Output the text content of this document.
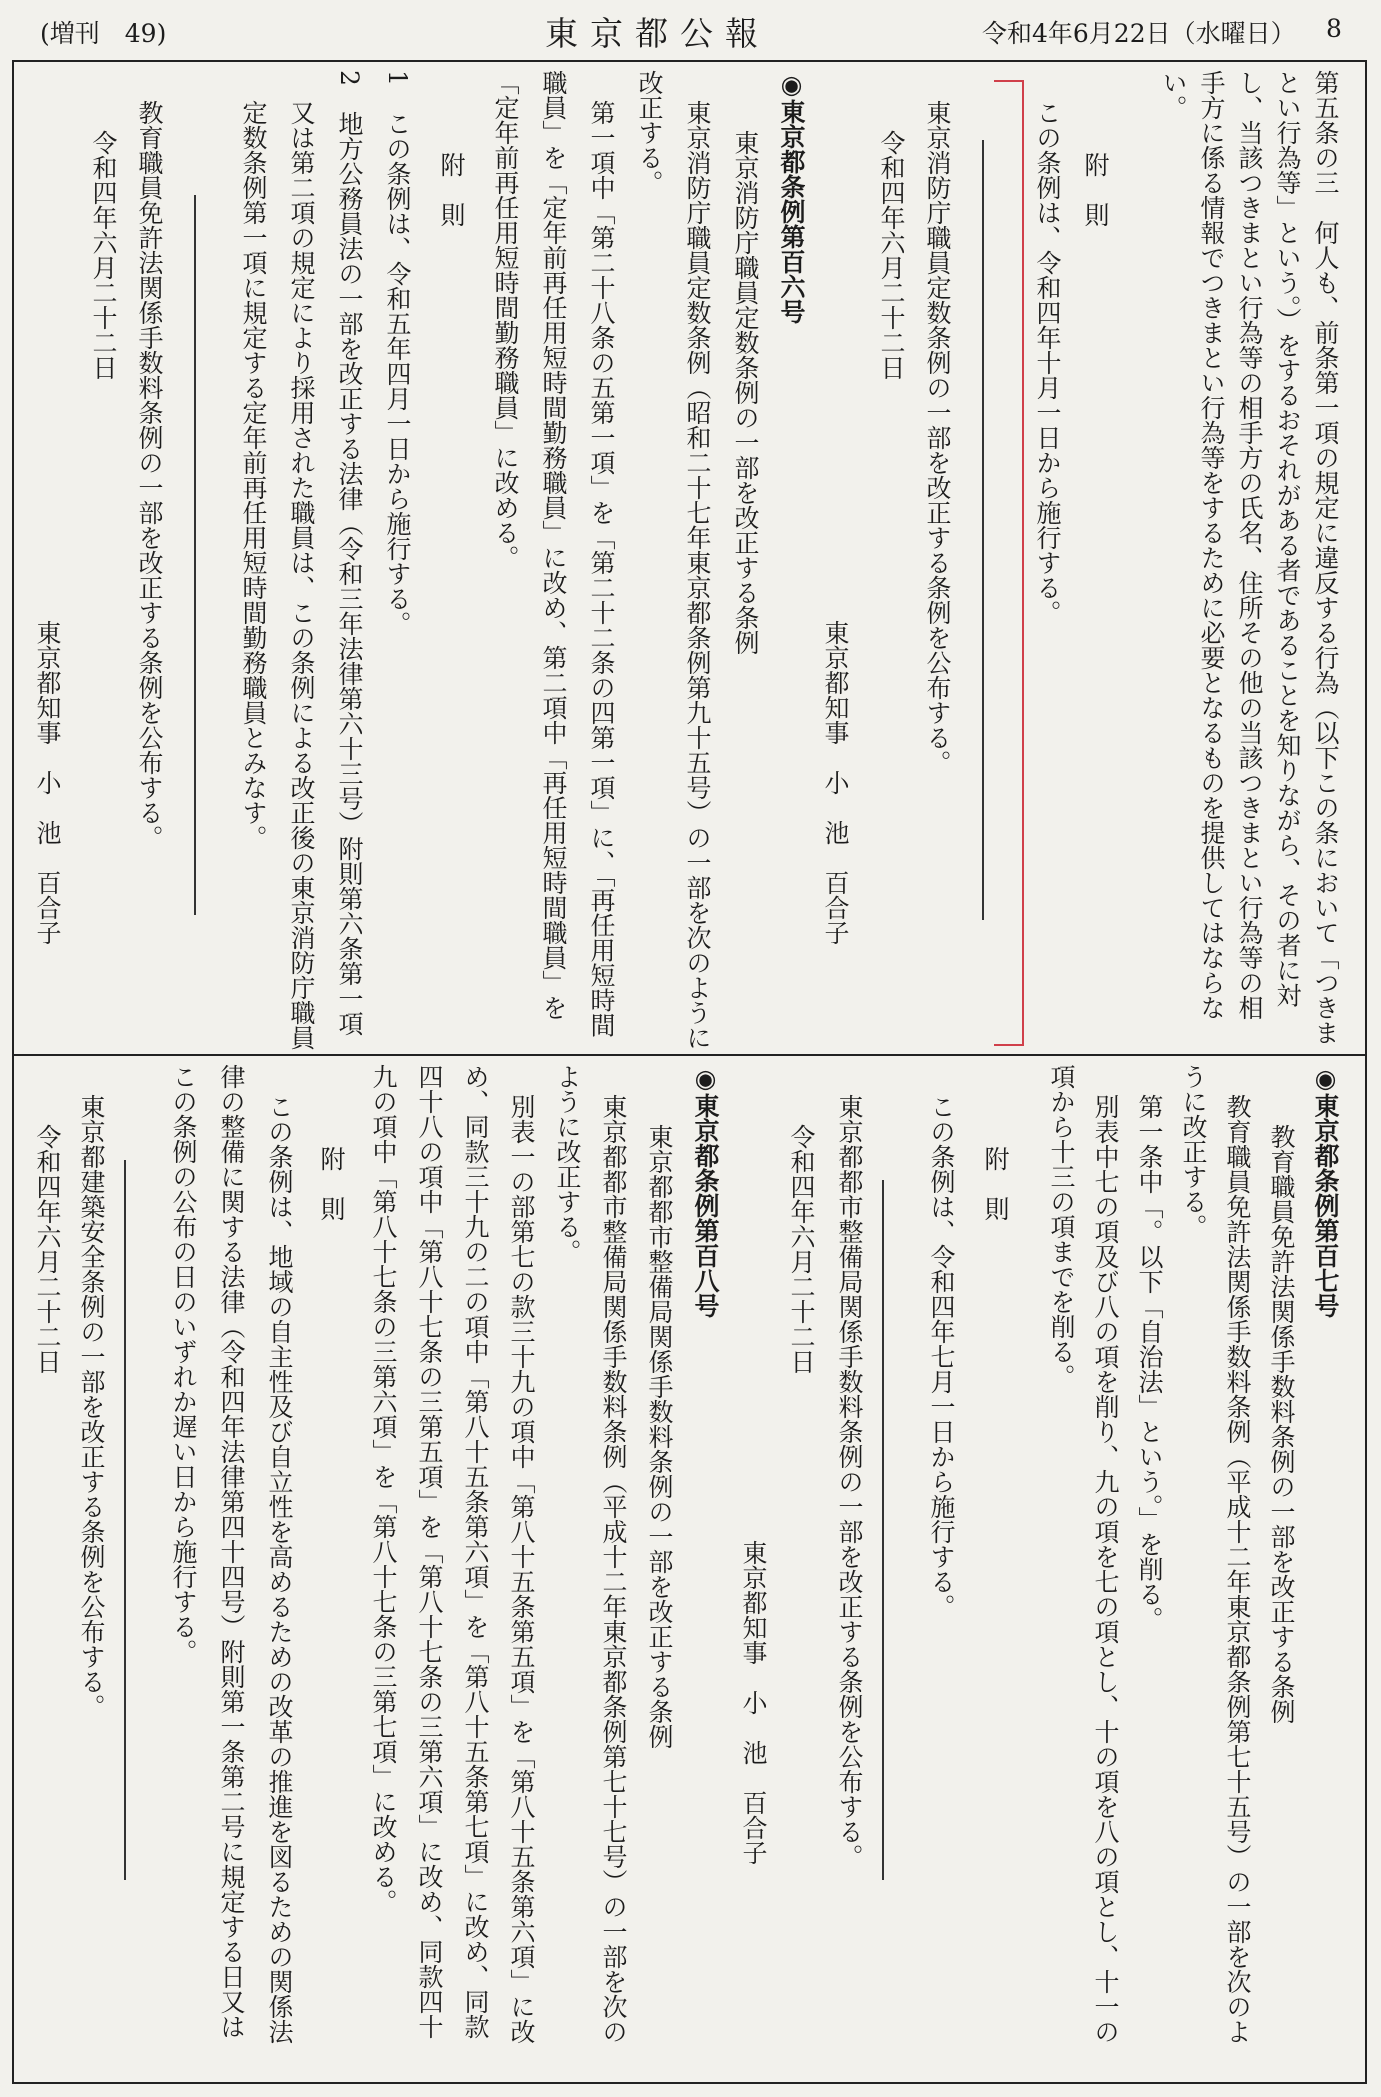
(増刊　49)	東京都公報	令和4年6月22日（水曜日） 8
第五条の三　何人も、前条第一項の規定に違反する行為（以下この条において「つきま
とい行為等」という。）をするおそれがある者であることを知りながら、その者に対
し、当該つきまとい行為等の相手方の氏名、住所その他の当該つきまとい行為等の相
手方に係る情報でつきまとい行為等をするために必要となるものを提供してはならな
い。
附　則
この条例は、令和四年十月一日から施行する。
東京消防庁職員定数条例の一部を改正する条例を公布する。
令和四年六月二十二日
東京都知事　小　池　百合子
◉東京都条例第百六号
東京消防庁職員定数条例の一部を改正する条例
東京消防庁職員定数条例（昭和二十七年東京都条例第九十五号）の一部を次のように
改正する。
第一項中「第二十八条の五第一項」を「第二十二条の四第一項」に、「再任用短時間
職員」を「定年前再任用短時間勤務職員」に改め、第二項中「再任用短時間職員」を
「定年前再任用短時間勤務職員」に改める。
附　則
1　この条例は、令和五年四月一日から施行する。
2　地方公務員法の一部を改正する法律（令和三年法律第六十三号）附則第六条第一項
又は第二項の規定により採用された職員は、この条例による改正後の東京消防庁職員
定数条例第一項に規定する定年前再任用短時間勤務職員とみなす。
教育職員免許法関係手数料条例の一部を改正する条例を公布する。
令和四年六月二十二日
東京都知事　小　池　百合子
◉東京都条例第百七号
教育職員免許法関係手数料条例の一部を改正する条例
教育職員免許法関係手数料条例（平成十二年東京都条例第七十五号）の一部を次のよ
うに改正する。
第一条中「。以下「自治法」という。」を削る。
別表中七の項及び八の項を削り、九の項を七の項とし、十の項を八の項とし、十一の
項から十三の項までを削る。
附　則
この条例は、令和四年七月一日から施行する。
東京都都市整備局関係手数料条例の一部を改正する条例を公布する。
令和四年六月二十二日
東京都知事　小　池　百合子
◉東京都条例第百八号
東京都都市整備局関係手数料条例の一部を改正する条例
東京都都市整備局関係手数料条例（平成十二年東京都条例第七十七号）の一部を次の
ように改正する。
別表一の部第七の款三十九の項中「第八十五条第五項」を「第八十五条第六項」に改
め、同款三十九の二の項中「第八十五条第六項」を「第八十五条第七項」に改め、同款
四十八の項中「第八十七条の三第五項」を「第八十七条の三第六項」に改め、同款四十
九の項中「第八十七条の三第六項」を「第八十七条の三第七項」に改める。
附　則
この条例は、地域の自主性及び自立性を高めるための改革の推進を図るための関係法
律の整備に関する法律（令和四年法律第四十四号）附則第一条第二号に規定する日又は
この条例の公布の日のいずれか遅い日から施行する。
東京都建築安全条例の一部を改正する条例を公布する。
令和四年六月二十二日
